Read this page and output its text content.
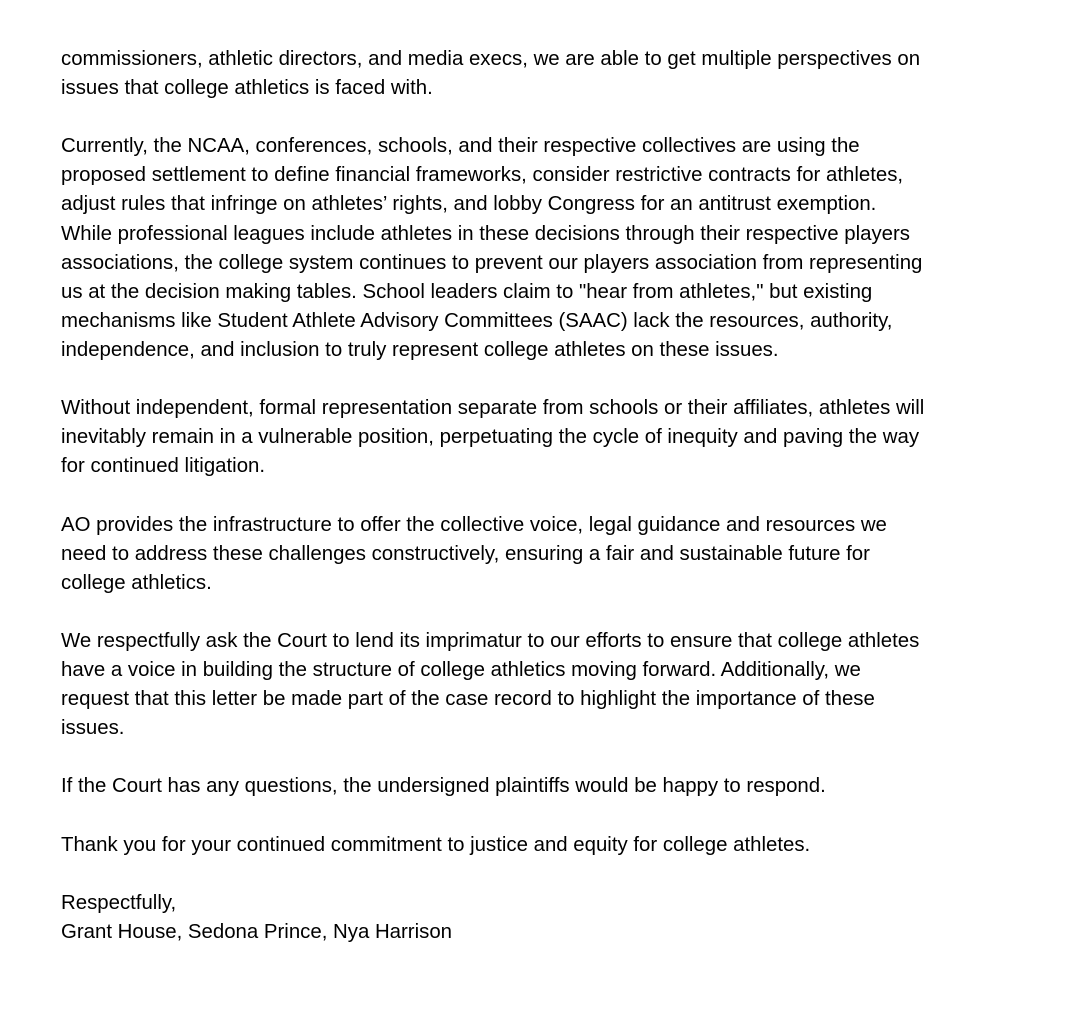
commissioners, athletic directors, and media execs, we are able to get multiple perspectives on
issues that college athletics is faced with.

Currently, the NCAA, conferences, schools, and their respective collectives are using the
proposed settlement to define financial frameworks, consider restrictive contracts for athletes,
adjust rules that infringe on athletes’ rights, and lobby Congress for an antitrust exemption.
While professional leagues include athletes in these decisions through their respective players
associations, the college system continues to prevent our players association from representing
us at the decision making tables. School leaders claim to "hear from athletes," but existing
mechanisms like Student Athlete Advisory Committees (SAAC) lack the resources, authority,
independence, and inclusion to truly represent college athletes on these issues.

Without independent, formal representation separate from schools or their affiliates, athletes will
inevitably remain in a vulnerable position, perpetuating the cycle of inequity and paving the way
for continued litigation.

AO provides the infrastructure to offer the collective voice, legal guidance and resources we
need to address these challenges constructively, ensuring a fair and sustainable future for
college athletics.

We respectfully ask the Court to lend its imprimatur to our efforts to ensure that college athletes
have a voice in building the structure of college athletics moving forward. Additionally, we
request that this letter be made part of the case record to highlight the importance of these
issues.

If the Court has any questions, the undersigned plaintiffs would be happy to respond.

Thank you for your continued commitment to justice and equity for college athletes.

Respectfully,
Grant House, Sedona Prince, Nya Harrison
